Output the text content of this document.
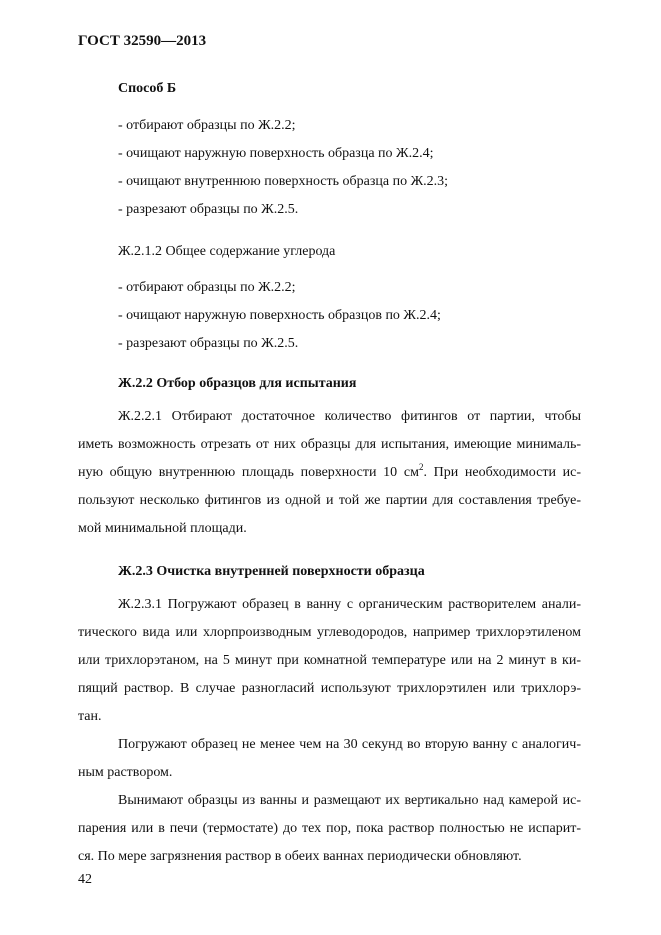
ГОСТ 32590—2013
Способ Б
- отбирают образцы по Ж.2.2;
- очищают наружную поверхность образца по Ж.2.4;
- очищают внутреннюю поверхность образца по Ж.2.3;
- разрезают образцы по Ж.2.5.
Ж.2.1.2 Общее содержание углерода
- отбирают образцы по Ж.2.2;
- очищают наружную поверхность образцов по Ж.2.4;
- разрезают образцы по Ж.2.5.
Ж.2.2 Отбор образцов для испытания
Ж.2.2.1 Отбирают достаточное количество фитингов от партии, чтобы
иметь возможность отрезать от них образцы для испытания, имеющие минималь-
ную общую внутреннюю площадь поверхности 10 $см^2$. При необходимости ис-
пользуют несколько фитингов из одной и той же партии для составления требуе-
мой минимальной площади.
Ж.2.3 Очистка внутренней поверхности образца
Ж.2.3.1 Погружают образец в ванну с органическим растворителем анали-
тического вида или хлорпроизводным углеводородов, например трихлорэтиленом
или трихлорэтаном, на 5 минут при комнатной температуре или на 2 минут в ки-
пящий раствор. В случае разногласий используют трихлорэтилен или трихлорэ-
тан.
Погружают образец не менее чем на 30 секунд во вторую ванну с аналогич-
ным раствором.
Вынимают образцы из ванны и размещают их вертикально над камерой ис-
парения или в печи (термостате) до тех пор, пока раствор полностью не испарит-
ся. По мере загрязнения раствор в обеих ваннах периодически обновляют.
42
